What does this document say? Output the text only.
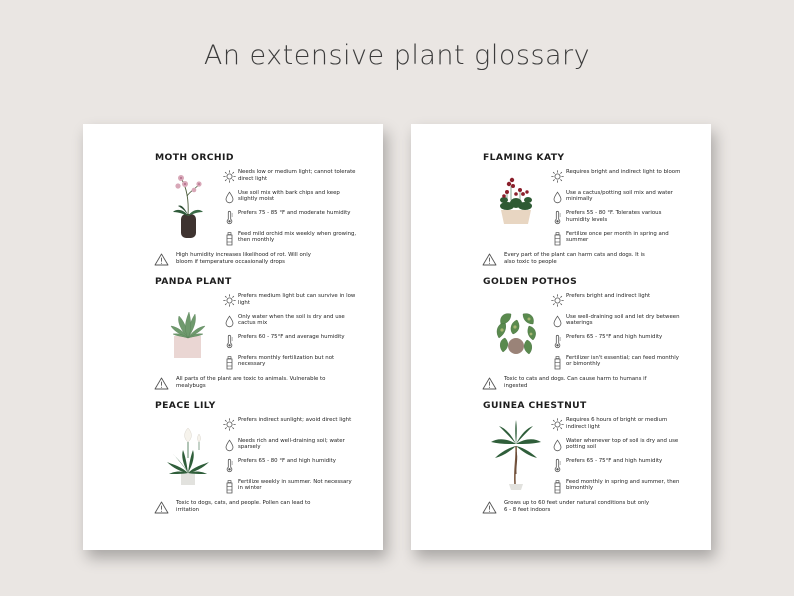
An extensive plant glossary
MOTH ORCHID
Needs low or medium light; cannot tolerate direct light
Use soil mix with bark chips and keep slightly moist
Prefers 75 - 85 °F and moderate humidity
Feed mild orchid mix weekly when growing, then monthly
High humidity increases likelihood of rot. Will only bloom if temperature occasionally drops
PANDA PLANT
Prefers medium light but can survive in low light
Only water when the soil is dry and use cactus mix
Prefers 60 - 75°F and average humidity
Prefers monthly fertilization but not necessary
All parts of the plant are toxic to animals. Vulnerable to mealybugs
PEACE LILY
Prefers indirect sunlight; avoid direct light
Needs rich and well-draining soil; water sparsely
Prefers 65 - 80 °F and high humidity
Fertilize weekly in summer. Not necessary in winter
Toxic to dogs, cats, and people. Pollen can lead to irritation
FLAMING KATY
Requires bright and indirect light to bloom
Use a cactus/potting soil mix and water minimally
Prefers 55 - 80 °F. Tolerates various humidity levels
Fertilize once per month in spring and summer
Every part of the plant can harm cats and dogs. It is also toxic to people
GOLDEN POTHOS
Prefers bright and indirect light
Use well-draining soil and let dry between waterings
Prefers 65 - 75°F and high humidity
Fertilizer isn't essential; can feed monthly or bimonthly
Toxic to cats and dogs. Can cause harm to humans if ingested
GUINEA CHESTNUT
Requires 6 hours of bright or medium indirect light
Water whenever top of soil is dry and use potting soil
Prefers 65 - 75°F and high humidity
Feed monthly in spring and summer, then bimonthly
Grows up to 60 feet under natural conditions but only 6 - 8 feet indoors
